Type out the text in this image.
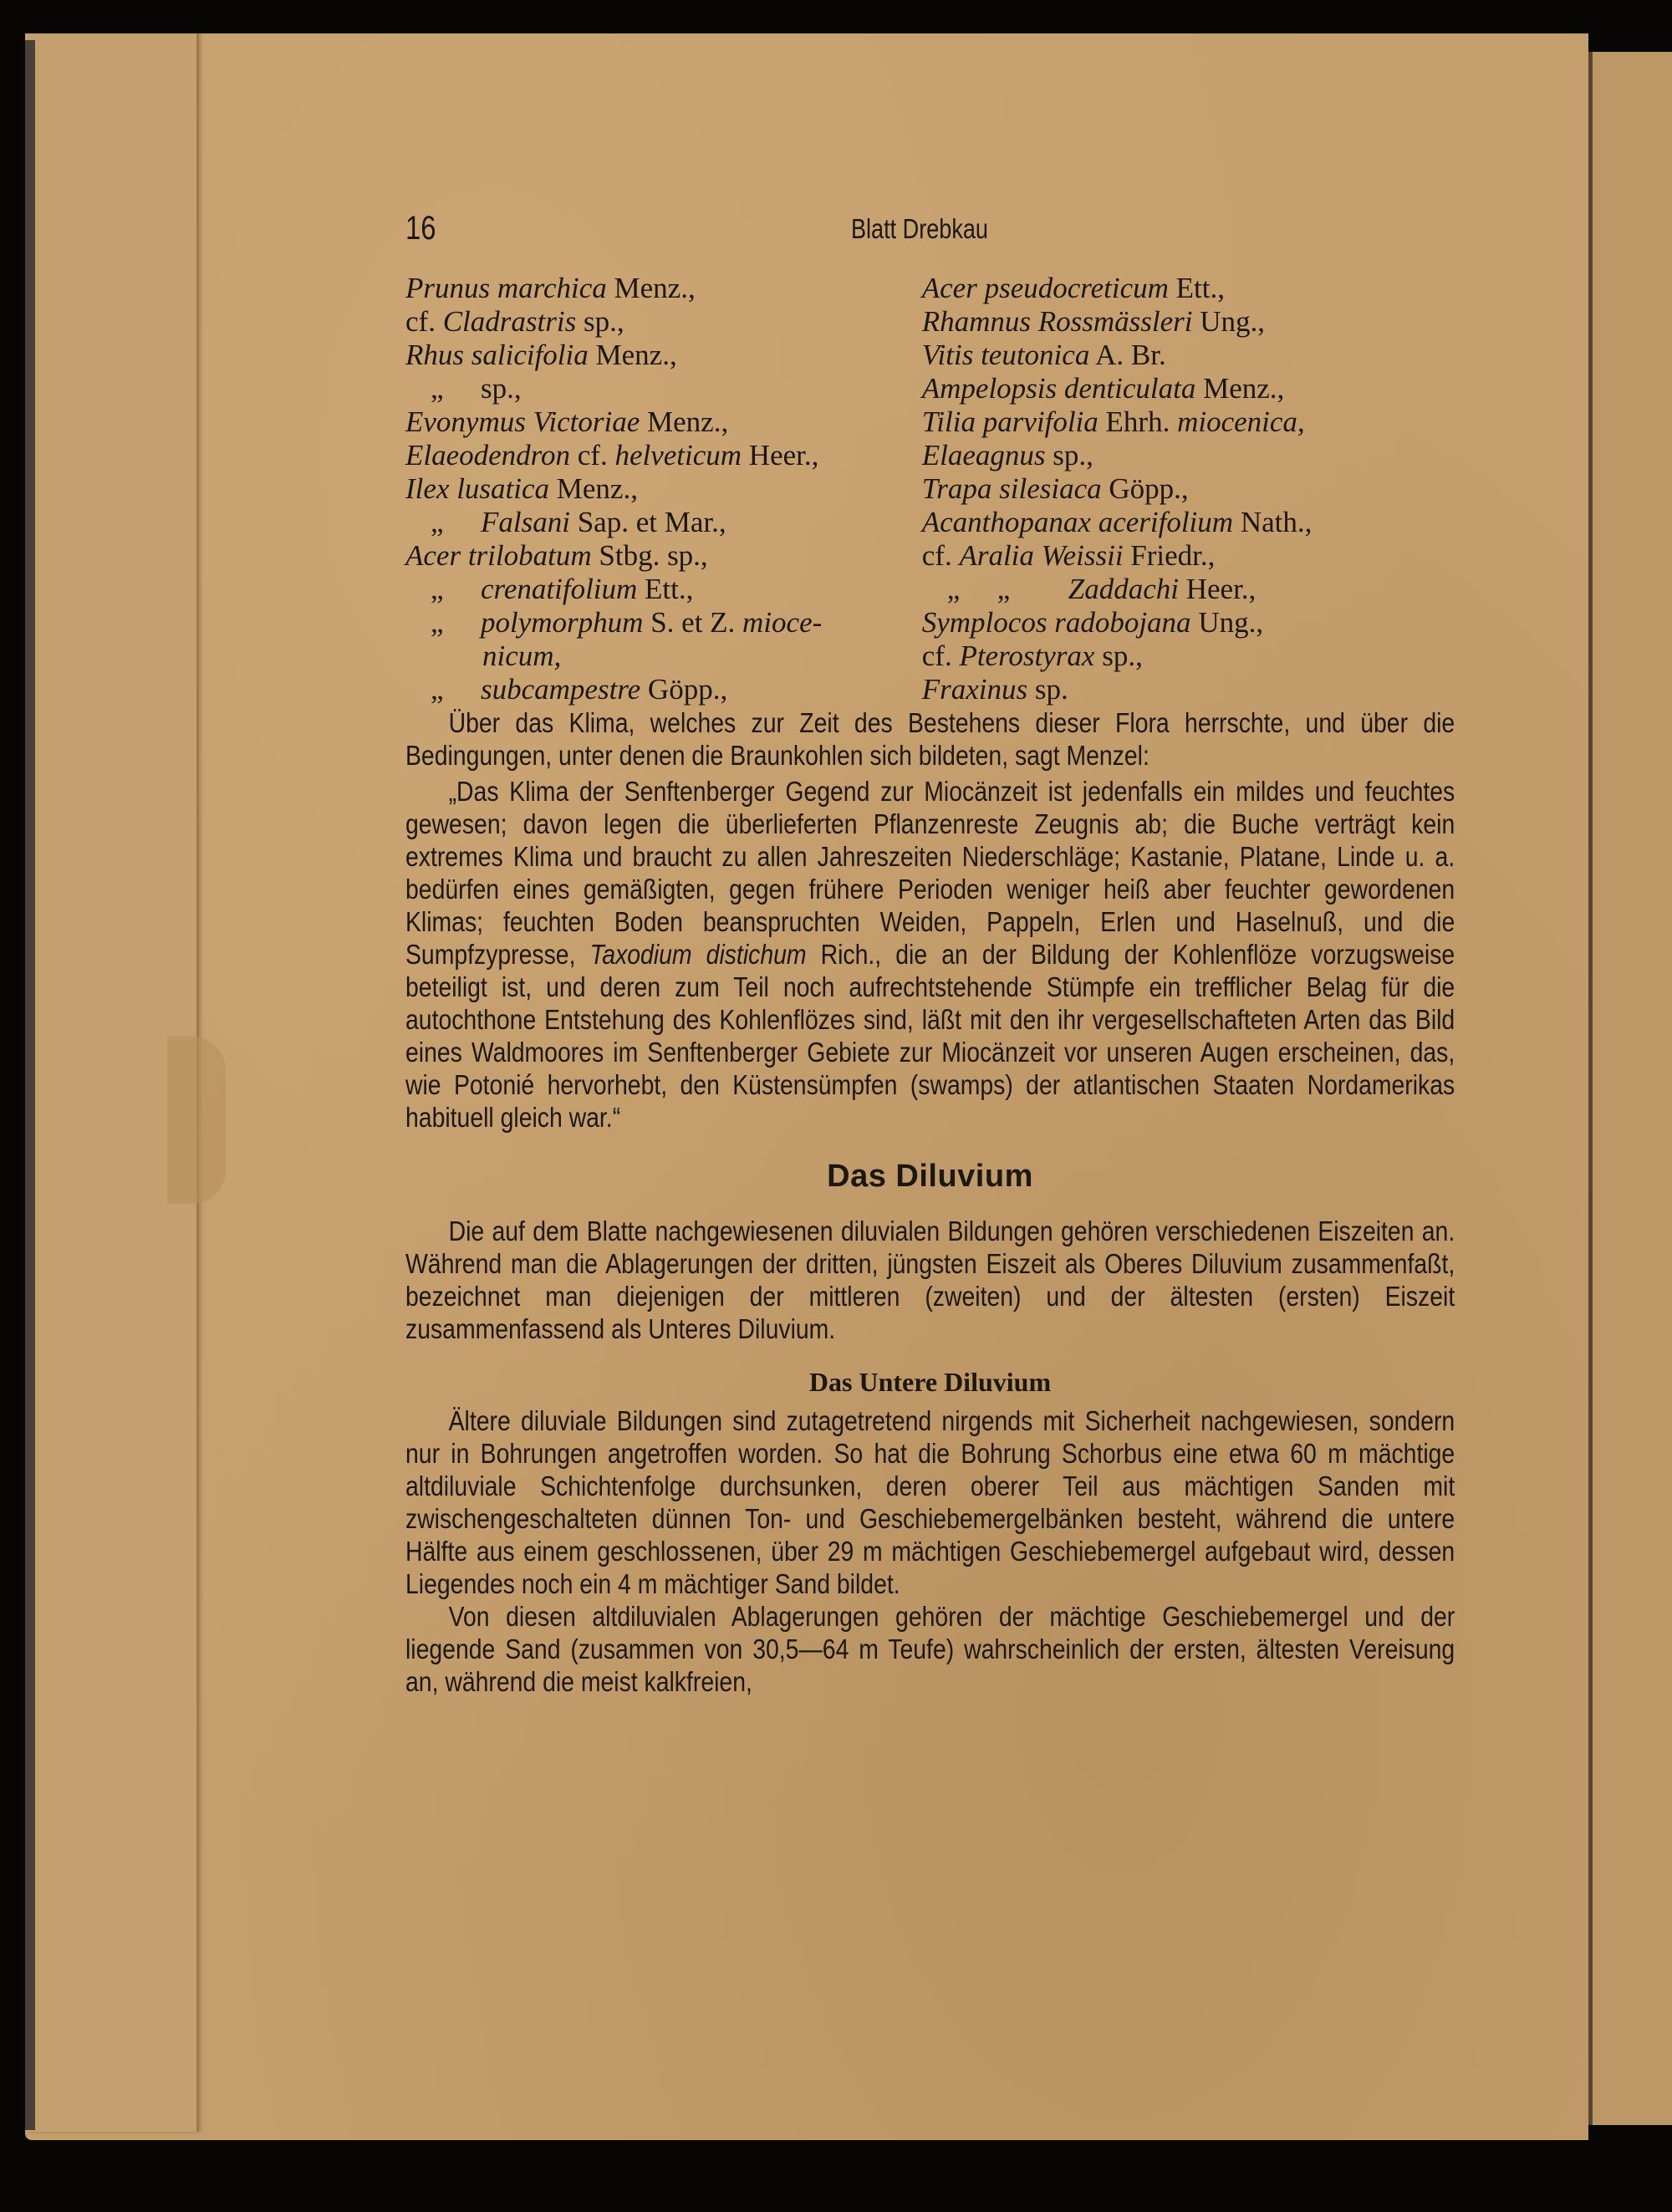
16	Blatt Drebkau
Prunus marchica Menz.,
cf. Cladrastris sp.,
Rhus salicifolia Menz.,
„ sp.,
Evonymus Victoriae Menz.,
Elaeodendron cf. helveticum Heer.,
Ilex lusatica Menz.,
„ Falsani Sap. et Mar.,
Acer trilobatum Stbg. sp.,
„ crenatifolium Ett.,
„ polymorphum S. et Z. mioce-
nicum,
„ subcampestre Göpp.,
Acer pseudocreticum Ett.,
Rhamnus Rossmässleri Ung.,
Vitis teutonica A. Br.
Ampelopsis denticulata Menz.,
Tilia parvifolia Ehrh. miocenica,
Elaeagnus sp.,
Trapa silesiaca Göpp.,
Acanthopanax acerifolium Nath.,
cf. Aralia Weissii Friedr.,
„ „ Zaddachi Heer.,
Symplocos radobojana Ung.,
cf. Pterostyrax sp.,
Fraxinus sp.

Über das Klima, welches zur Zeit des Bestehens dieser Flora herrschte, und über die Bedingungen, unter denen die Braunkohlen sich bildeten, sagt Menzel:

„Das Klima der Senftenberger Gegend zur Miocänzeit ist jedenfalls ein mildes und feuchtes gewesen; davon legen die überlieferten Pflanzenreste Zeugnis ab; die Buche verträgt kein extremes Klima und braucht zu allen Jahreszeiten Niederschläge; Kastanie, Platane, Linde u. a. bedürfen eines gemäßigten, gegen frühere Perioden weniger heiß aber feuchter gewordenen Klimas; feuchten Boden beanspruchten Weiden, Pappeln, Erlen und Haselnuß, und die Sumpfzypresse, Taxodium distichum Rich., die an der Bildung der Kohlenflöze vorzugsweise beteiligt ist, und deren zum Teil noch aufrechtstehende Stümpfe ein trefflicher Belag für die autochthone Entstehung des Kohlenflözes sind, läßt mit den ihr vergesellschafteten Arten das Bild eines Waldmoores im Senftenberger Gebiete zur Miocänzeit vor unseren Augen erscheinen, das, wie Potonié hervorhebt, den Küstensümpfen (swamps) der atlantischen Staaten Nordamerikas habituell gleich war.“

Das Diluvium

Die auf dem Blatte nachgewiesenen diluvialen Bildungen gehören verschiedenen Eiszeiten an. Während man die Ablagerungen der dritten, jüngsten Eiszeit als Oberes Diluvium zusammenfaßt, bezeichnet man diejenigen der mittleren (zweiten) und der ältesten (ersten) Eiszeit zusammenfassend als Unteres Diluvium.

Das Untere Diluvium

Ältere diluviale Bildungen sind zutagetretend nirgends mit Sicherheit nachgewiesen, sondern nur in Bohrungen angetroffen worden. So hat die Bohrung Schorbus eine etwa 60 m mächtige altdiluviale Schichtenfolge durchsunken, deren oberer Teil aus mächtigen Sanden mit zwischengeschalteten dünnen Ton- und Geschiebemergelbänken besteht, während die untere Hälfte aus einem geschlossenen, über 29 m mächtigen Geschiebemergel aufgebaut wird, dessen Liegendes noch ein 4 m mächtiger Sand bildet.

Von diesen altdiluvialen Ablagerungen gehören der mächtige Geschiebemergel und der liegende Sand (zusammen von 30,5—64 m Teufe) wahrscheinlich der ersten, ältesten Vereisung an, während die meist kalkfreien,
